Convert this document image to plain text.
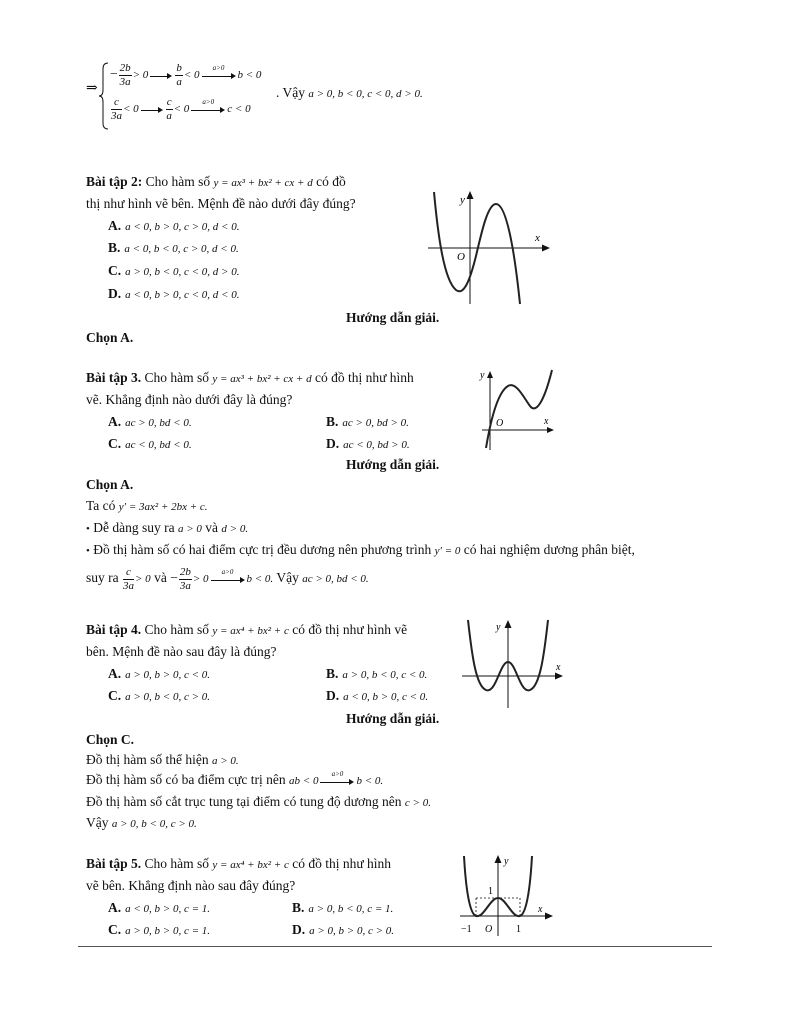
⇒
− $\frac{2b}{3a} > 0 \frac{b}{a} < 0$
a>0
b < 0
$\frac{c}{3a} < 0 \frac{c}{a} < 0$
a>0
c < 0
. Vậy a > 0, b < 0, c < 0, d > 0.
Bài tập 2: Cho hàm số y = ax³ + bx² + cx + d có đồ
thị như hình vẽ bên. Mệnh đề nào dưới đây đúng?
A. a < 0, b > 0, c > 0, d < 0.
B. a < 0, b < 0, c > 0, d < 0.
C. a > 0, b < 0, c < 0, d > 0.
D. a < 0, b > 0, c < 0, d < 0.
Hướng dẫn giải.
Chọn A.
y
x
O
Bài tập 3. Cho hàm số y = ax³ + bx² + cx + d có đồ thị như hình
vẽ. Khẳng định nào dưới đây là đúng?
A. ac > 0, bd < 0.	B. ac > 0, bd > 0.
C. ac < 0, bd < 0.	D. ac < 0, bd > 0.
Hướng dẫn giải.
Chọn A.
Ta có y′ = 3ax² + 2bx + c.
• Dễ dàng suy ra a > 0 và d > 0.
• Đồ thị hàm số có hai điểm cực trị đều dương nên phương trình y′ = 0 có hai nghiệm dương phân biệt,
suy ra $\frac{c}{3a} > 0$ và − $\frac{2b}{3a} > 0$
a>0
b < 0. Vậy ac > 0, bd < 0.
y
x
O
Bài tập 4. Cho hàm số y = ax⁴ + bx² + c có đồ thị như hình vẽ
bên. Mệnh đề nào sau đây là đúng?
A. a > 0, b > 0, c < 0.	B. a > 0, b < 0, c < 0.
C. a > 0, b < 0, c > 0.	D. a < 0, b > 0, c < 0.
Hướng dẫn giải.
Chọn C.
Đồ thị hàm số thể hiện a > 0.
Đồ thị hàm số có ba điểm cực trị nên ab < 0
a>0
b < 0.
Đồ thị hàm số cắt trục tung tại điểm có tung độ dương nên c > 0.
Vậy a > 0, b < 0, c > 0.
y
x
Bài tập 5. Cho hàm số y = ax⁴ + bx² + c có đồ thị như hình
vẽ bên. Khẳng định nào sau đây đúng?
A. a < 0, b > 0, c = 1.	B. a > 0, b < 0, c = 1.
C. a > 0, b > 0, c = 1.	D. a > 0, b > 0, c > 0.
y
x
1
−1 O 1
